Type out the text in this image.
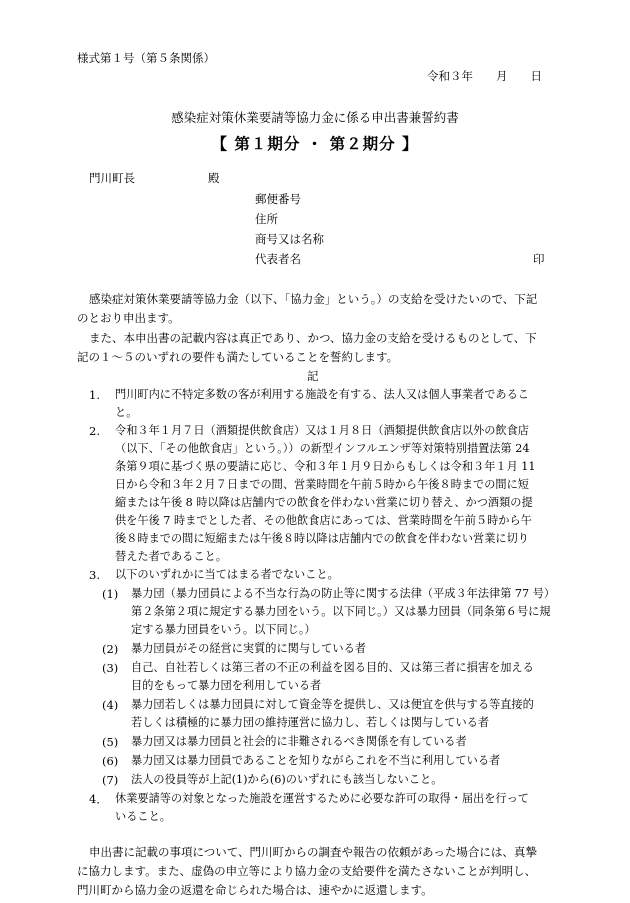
様式第１号（第５条関係）
令和３年　　月　　日
感染症対策休業要請等協力金に係る申出書兼誓約書
【 第１期分 ・ 第２期分 】
門川町長	殿
郵便番号
住所
商号又は名称
代表者名	印
感染症対策休業要請等協力金（以下、「協力金」という。）の支給を受けたいので、下記
のとおり申出ます。
また、本申出書の記載内容は真正であり、かつ、協力金の支給を受けるものとして、下
記の１～５のいずれの要件も満たしていることを誓約します。
記
1. 門川町内に不特定多数の客が利用する施設を有する、法人又は個人事業者であるこ
と。
2. 令和３年１月７日（酒類提供飲食店）又は１月８日（酒類提供飲食店以外の飲食店
（以下、「その他飲食店」という。））の新型インフルエンザ等対策特別措置法第 24
条第９項に基づく県の要請に応じ、令和３年１月９日からもしくは令和３年１月 11
日から令和３年２月７日までの間、営業時間を午前５時から午後８時までの間に短
縮または午後 8 時以降は店舗内での飲食を伴わない営業に切り替え、かつ酒類の提
供を午後 7 時までとした者、その他飲食店にあっては、営業時間を午前５時から午
後８時までの間に短縮または午後８時以降は店舗内での飲食を伴わない営業に切り
替えた者であること。
3. 以下のいずれかに当てはまる者でないこと。
(1) 暴力団（暴力団員による不当な行為の防止等に関する法律（平成３年法律第 77 号）
第２条第２項に規定する暴力団をいう。以下同じ。）又は暴力団員（同条第６号に規
定する暴力団員をいう。以下同じ。）
(2) 暴力団員がその経営に実質的に関与している者
(3) 自己、自社若しくは第三者の不正の利益を図る目的、又は第三者に損害を加える
目的をもって暴力団を利用している者
(4) 暴力団若しくは暴力団員に対して資金等を提供し、又は便宜を供与する等直接的
若しくは積極的に暴力団の維持運営に協力し、若しくは関与している者
(5) 暴力団又は暴力団員と社会的に非難されるべき関係を有している者
(6) 暴力団又は暴力団員であることを知りながらこれを不当に利用している者
(7) 法人の役員等が上記(1)から(6)のいずれにも該当しないこと。
4． 休業要請等の対象となった施設を運営するために必要な許可の取得・届出を行って
いること。
申出書に記載の事項について、門川町からの調査や報告の依頼があった場合には、真摯
に協力します。また、虚偽の申立等により協力金の支給要件を満たさないことが判明し、
門川町から協力金の返還を命じられた場合は、速やかに返還します。
